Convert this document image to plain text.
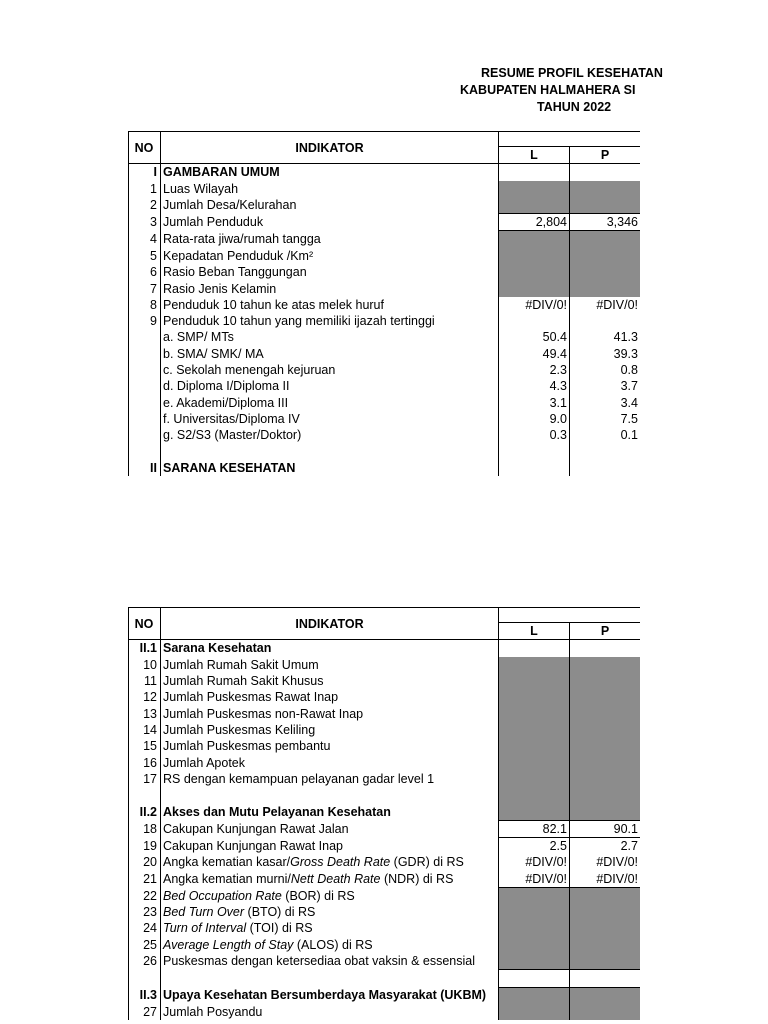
RESUME PROFIL KESEHATAN
KABUPATEN HALMAHERA SI
TAHUN 2022
NO	INDIKATOR			
		L	P	
I	GAMBARAN UMUM			
1	Luas Wilayah			
2	Jumlah Desa/Kelurahan			
3	Jumlah Penduduk	2,804	3,346	
4	Rata-rata jiwa/rumah tangga			
5	Kepadatan Penduduk /Km²			
6	Rasio Beban Tanggungan			
7	Rasio Jenis Kelamin			
8	Penduduk 10 tahun ke atas melek huruf	#DIV/0!	#DIV/0!	
9	Penduduk 10 tahun yang memiliki ijazah tertinggi			
	a. SMP/ MTs	50.4	41.3	
	b. SMA/ SMK/ MA	49.4	39.3	
	c. Sekolah menengah kejuruan	2.3	0.8	
	d. Diploma I/Diploma II	4.3	3.7	
	e. Akademi/Diploma III	3.1	3.4	
	f. Universitas/Diploma IV	9.0	7.5	
	g. S2/S3 (Master/Doktor)	0.3	0.1	

II	SARANA KESEHATAN			
NO	INDIKATOR			
		L	P	
II.1	Sarana Kesehatan			
10	Jumlah Rumah Sakit Umum			
11	Jumlah Rumah Sakit Khusus			
12	Jumlah Puskesmas Rawat Inap			
13	Jumlah Puskesmas non-Rawat Inap			
14	Jumlah Puskesmas Keliling			
15	Jumlah Puskesmas pembantu			
16	Jumlah Apotek			
17	RS dengan kemampuan pelayanan gadar level 1			

II.2	Akses dan Mutu Pelayanan Kesehatan			
18	Cakupan Kunjungan Rawat Jalan	82.1	90.1	
19	Cakupan Kunjungan Rawat Inap	2.5	2.7	
20	Angka kematian kasar/Gross Death Rate (GDR) di RS	#DIV/0!	#DIV/0!	
21	Angka kematian murni/Nett Death Rate (NDR) di RS	#DIV/0!	#DIV/0!	
22	Bed Occupation Rate (BOR) di RS			
23	Bed Turn Over (BTO) di RS			
24	Turn of Interval (TOI) di RS			
25	Average Length of Stay (ALOS) di RS			
26	Puskesmas dengan ketersediaa obat vaksin & essensial			

II.3	Upaya Kesehatan Bersumberdaya Masyarakat (UKBM)			
27	Jumlah Posyandu			
